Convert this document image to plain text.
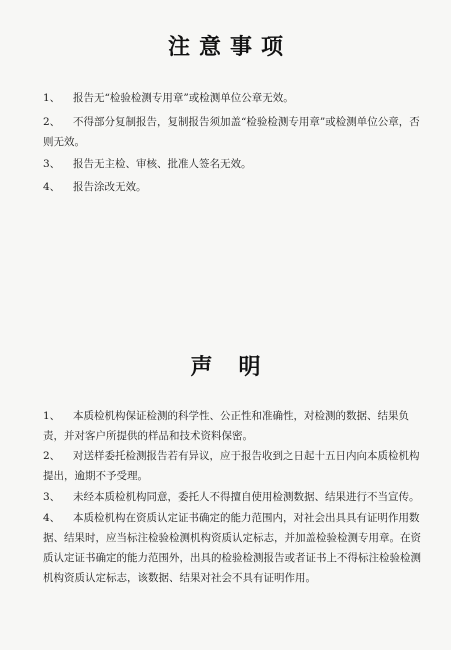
注意事项

1、 报告无“检验检测专用章”或检测单位公章无效。

2、 不得部分复制报告，复制报告须加盖“检验检测专用章”或检测单位公章，否则无效。

3、 报告无主检、审核、批准人签名无效。

4、 报告涂改无效。

声明

1、 本质检机构保证检测的科学性、公正性和准确性，对检测的数据、结果负责，并对客户所提供的样品和技术资料保密。

2、 对送样委托检测报告若有异议，应于报告收到之日起十五日内向本质检机构提出，逾期不予受理。

3、 未经本质检机构同意，委托人不得擅自使用检测数据、结果进行不当宣传。

4、 本质检机构在资质认定证书确定的能力范围内，对社会出具具有证明作用数据、结果时，应当标注检验检测机构资质认定标志，并加盖检验检测专用章。在资质认定证书确定的能力范围外，出具的检验检测报告或者证书上不得标注检验检测机构资质认定标志，该数据、结果对社会不具有证明作用。
